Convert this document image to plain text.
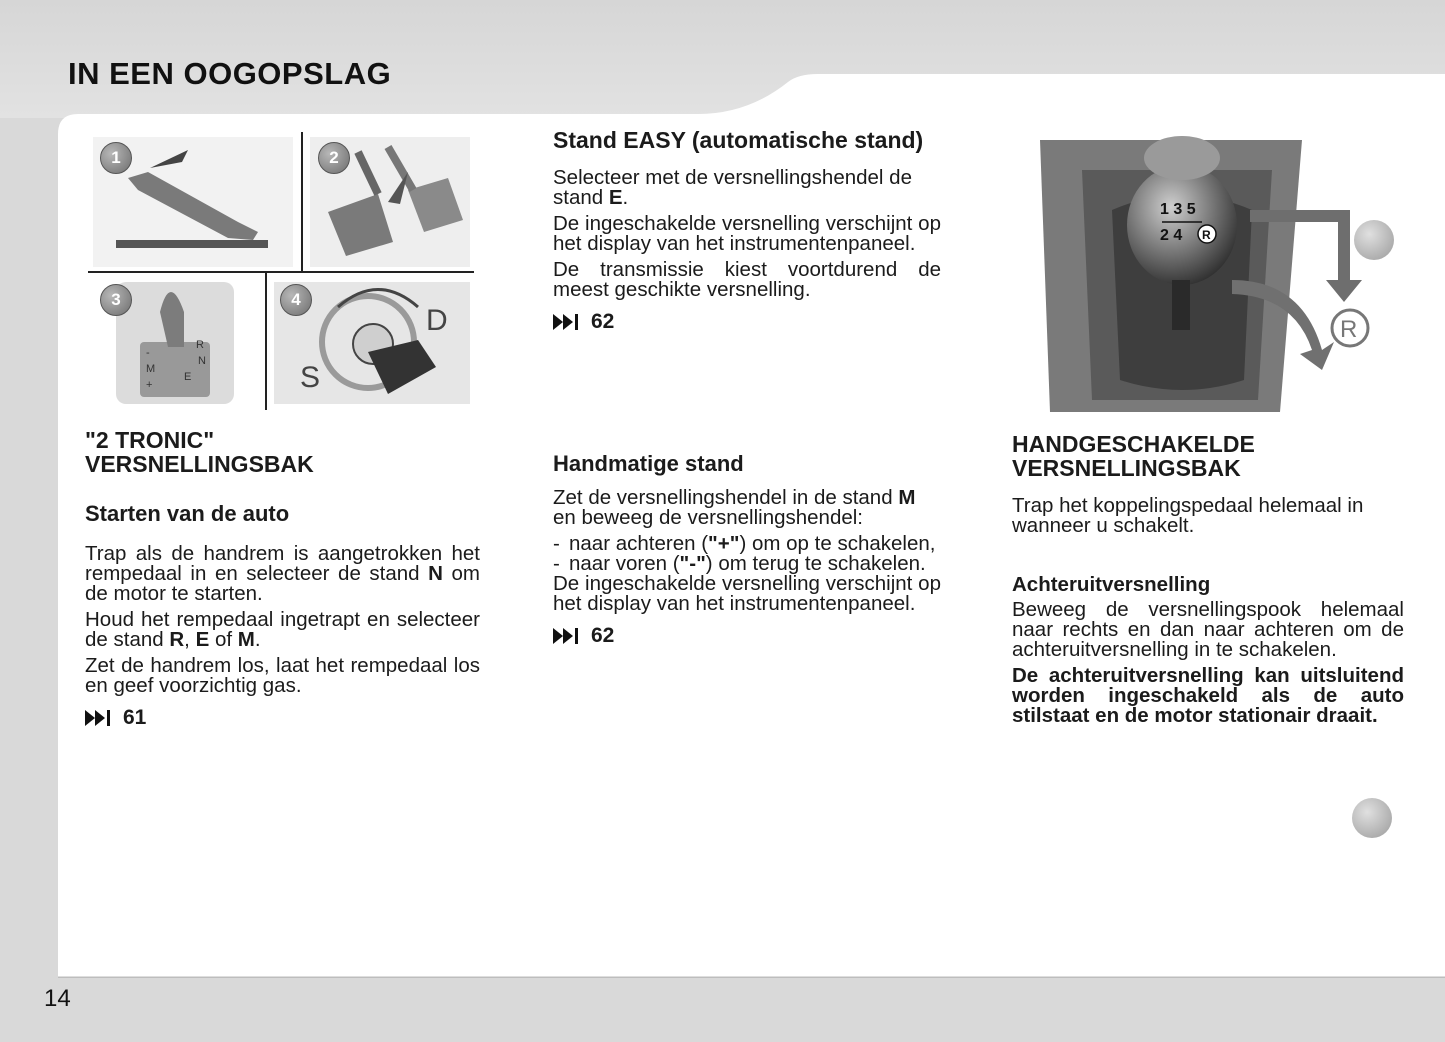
IN EEN OOGOPSLAG
R
N
E
M
+
-
S
D
1	2
3	4
1 3 5
2 4 R
R
"2 TRONIC"
VERSNELLINGSBAK
Starten van de auto

Trap als de handrem is aangetrokken het rempedaal in en selecteer de stand N om de motor te starten.

Houd het rempedaal ingetrapt en selecteer de stand R, E of M.

Zet de handrem los, laat het rempedaal los en geef voorzichtig gas.

61
Stand EASY (automatische stand)

Selecteer met de versnellingshendel de stand E.

De ingeschakelde versnelling verschijnt op het display van het instrumentenpaneel.

De transmissie kiest voortdurend de meest geschikte versnelling.

62
Handmatige stand

Zet de versnellingshendel in de stand M en beweeg de versnellingshendel:

- naar achteren ("+") om op te schakelen,
- naar voren ("-") om terug te schakelen.

De ingeschakelde versnelling verschijnt op het display van het instrumentenpaneel.

62
HANDGESCHAKELDE
VERSNELLINGSBAK

Trap het koppelingspedaal helemaal in wanneer u schakelt.

Achteruitversnelling

Beweeg de versnellingspook helemaal naar rechts en dan naar achteren om de achteruitversnelling in te schakelen.

De achteruitversnelling kan uitsluitend worden ingeschakeld als de auto stilstaat en de motor stationair draait.

14
